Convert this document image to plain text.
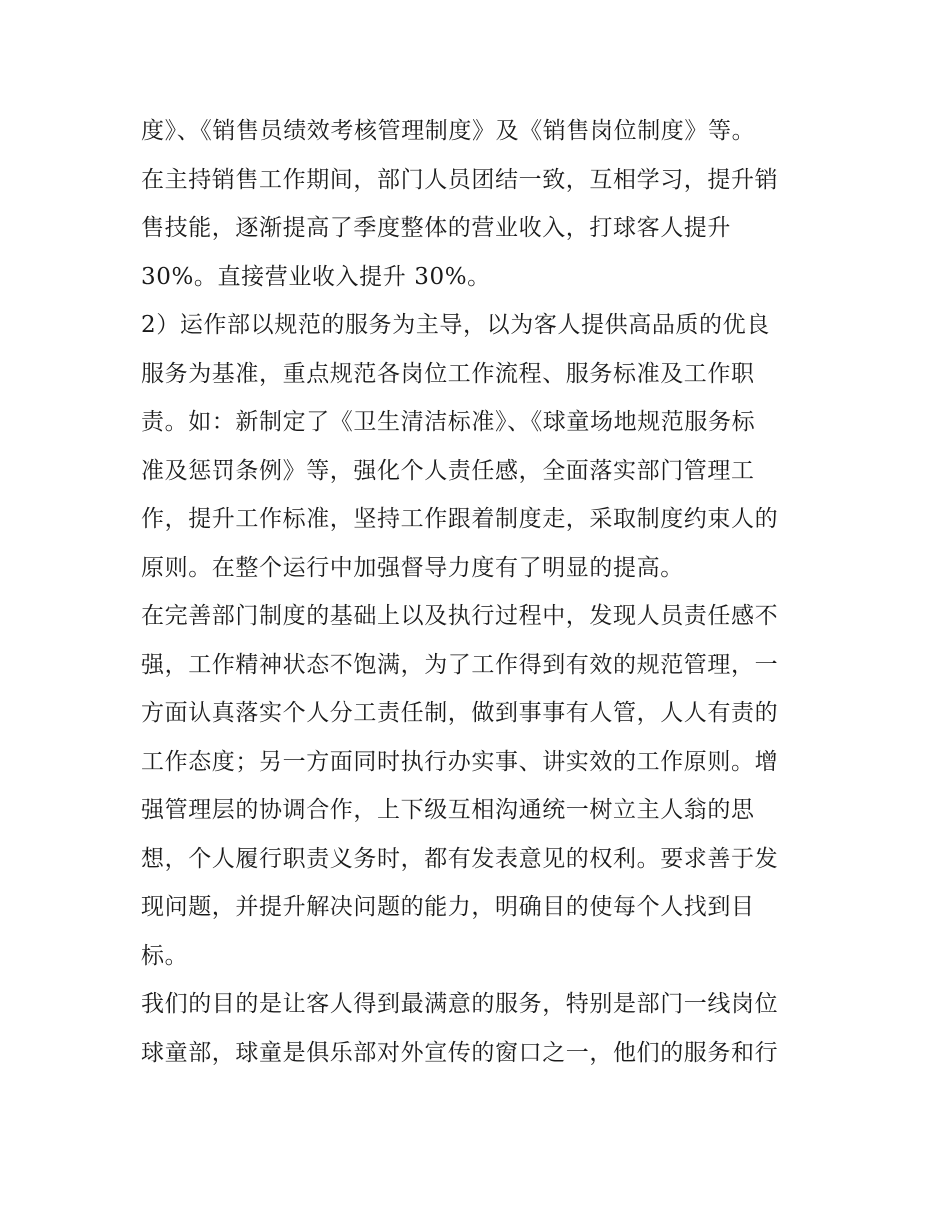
度》、《销售员绩效考核管理制度》及《销售岗位制度》等。
在主持销售工作期间，部门人员团结一致，互相学习，提升销
售技能，逐渐提高了季度整体的营业收入，打球客人提升
30%。直接营业收入提升 30%。
2）运作部以规范的服务为主导，以为客人提供高品质的优良
服务为基准，重点规范各岗位工作流程、服务标准及工作职
责。如：新制定了《卫生清洁标准》、《球童场地规范服务标
准及惩罚条例》等，强化个人责任感，全面落实部门管理工
作，提升工作标准，坚持工作跟着制度走，采取制度约束人的
原则。在整个运行中加强督导力度有了明显的提高。
在完善部门制度的基础上以及执行过程中，发现人员责任感不
强，工作精神状态不饱满，为了工作得到有效的规范管理，一
方面认真落实个人分工责任制，做到事事有人管，人人有责的
工作态度；另一方面同时执行办实事、讲实效的工作原则。增
强管理层的协调合作，上下级互相沟通统一树立主人翁的思
想，个人履行职责义务时，都有发表意见的权利。要求善于发
现问题，并提升解决问题的能力，明确目的使每个人找到目
标。
我们的目的是让客人得到最满意的服务，特别是部门一线岗位
球童部，球童是俱乐部对外宣传的窗口之一，他们的服务和行
